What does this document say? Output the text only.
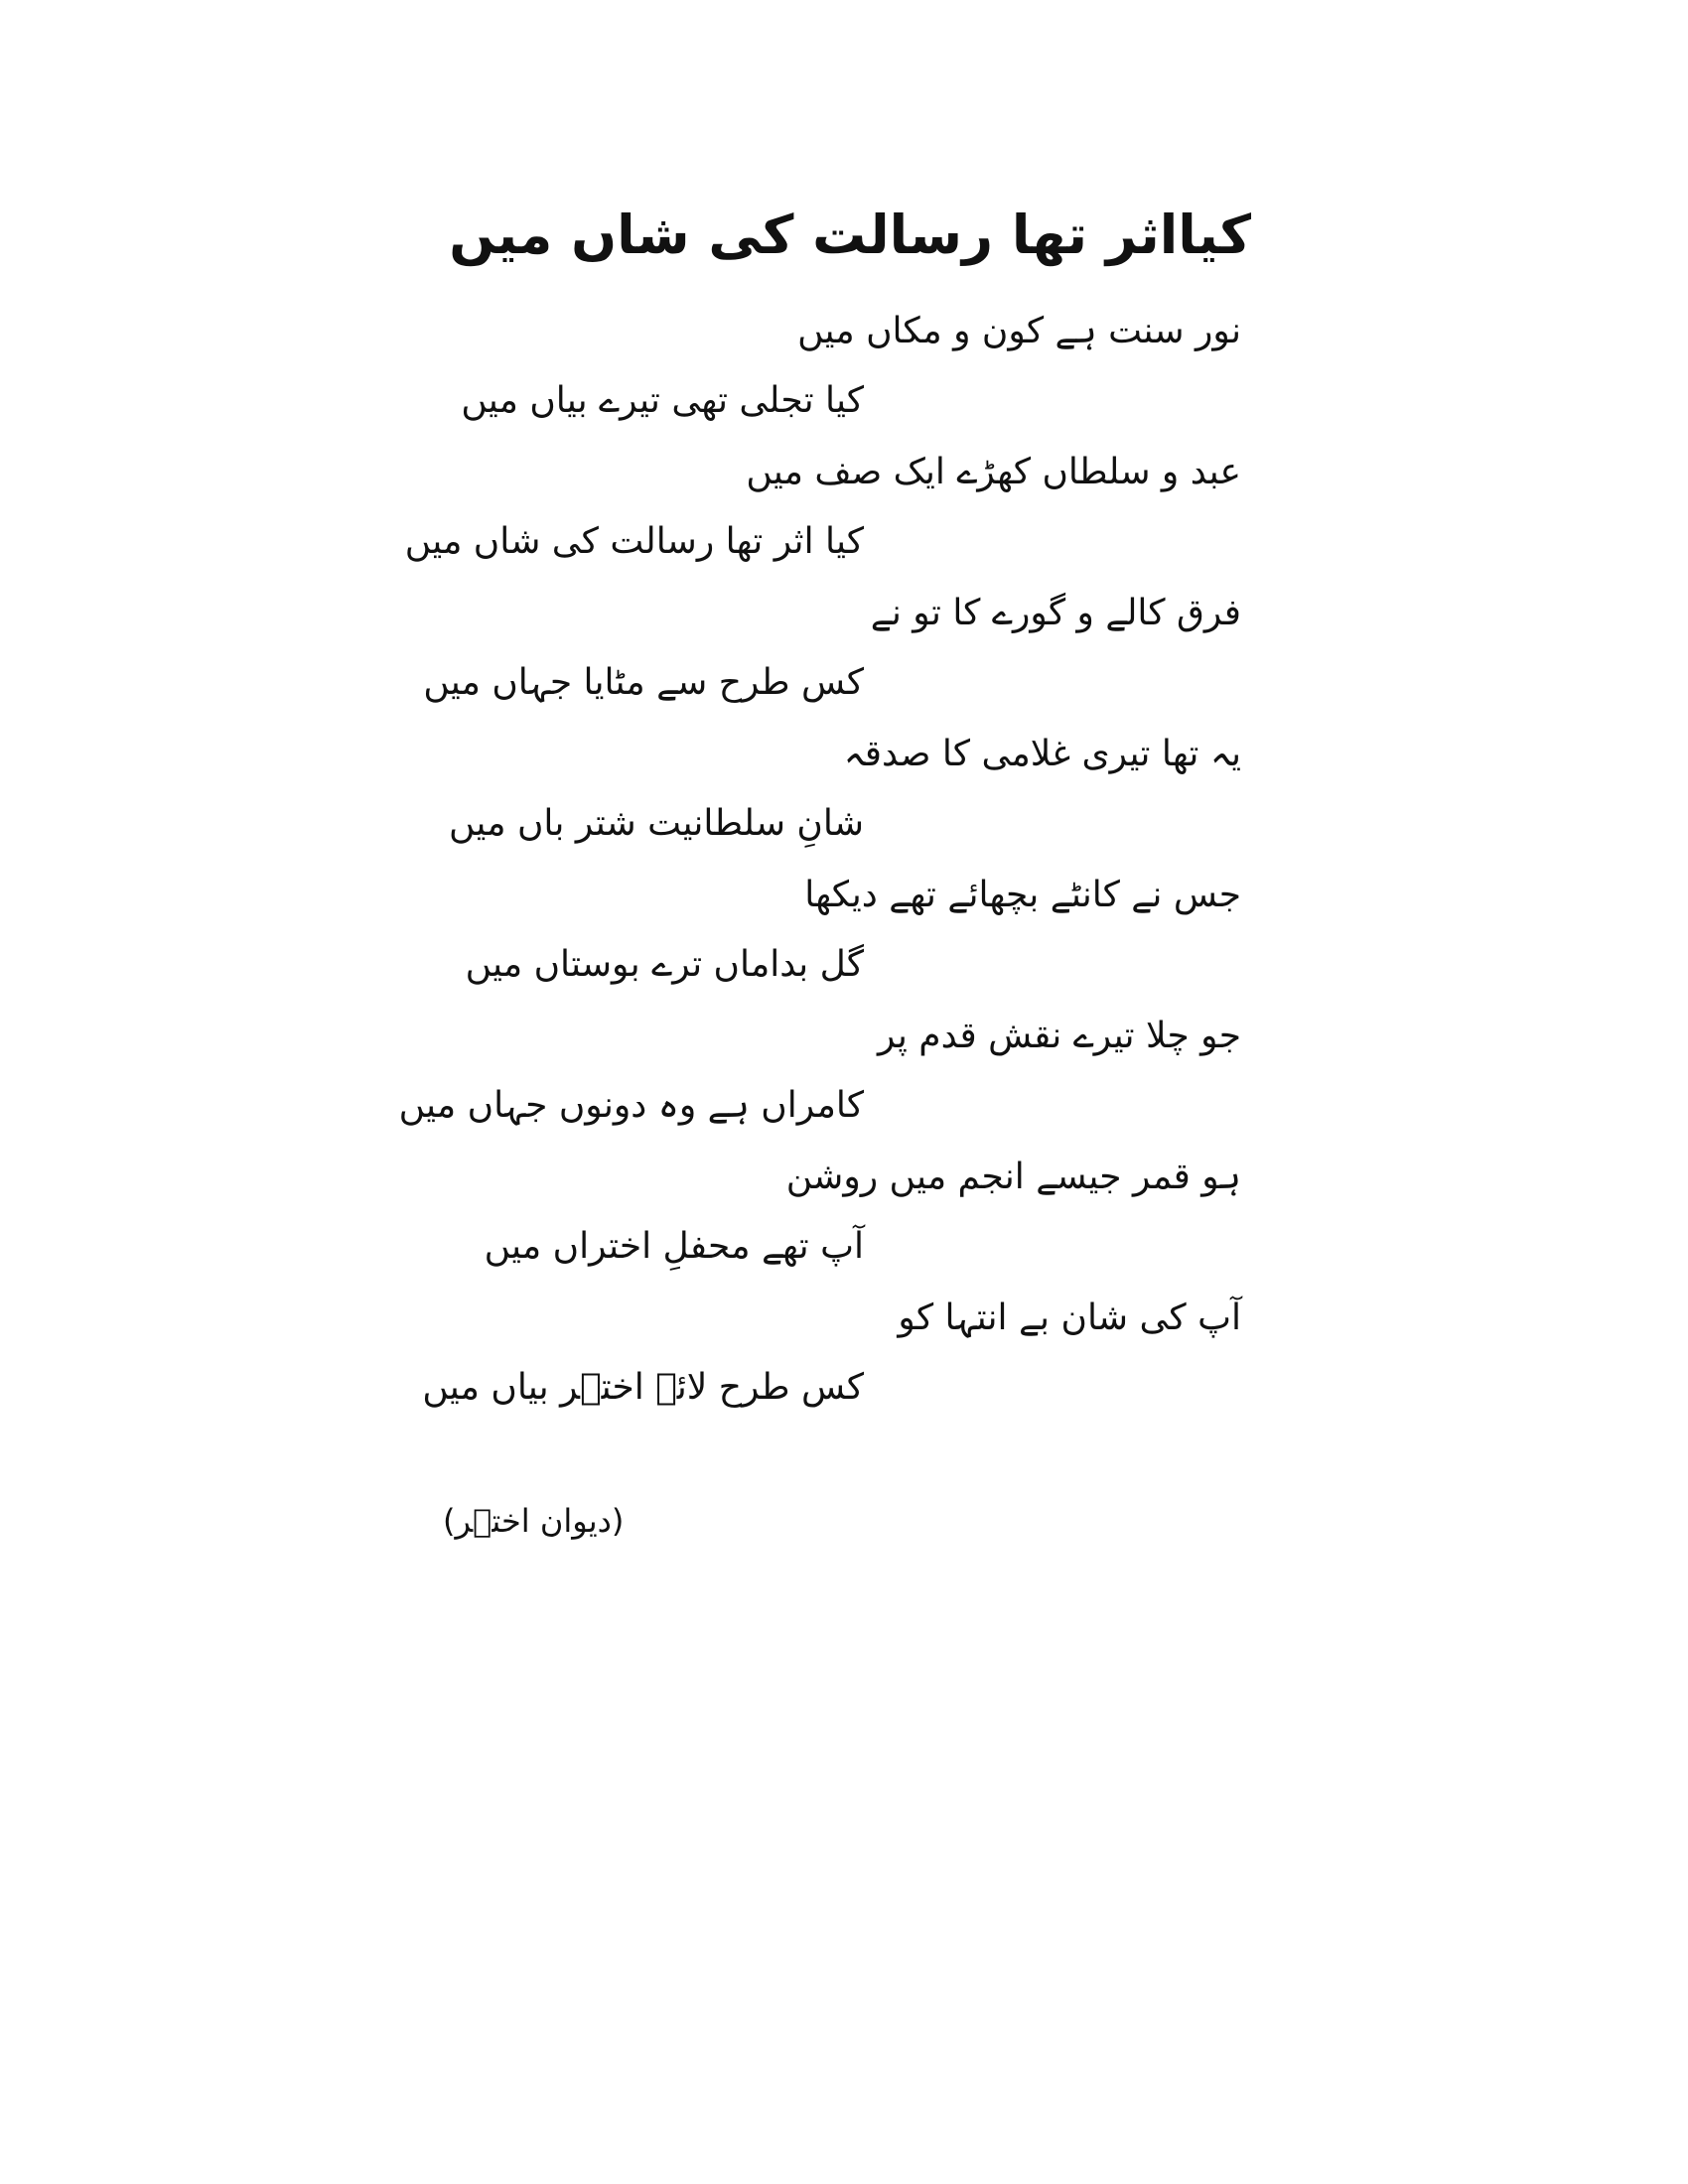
کیااثر تھا رسالت کی شاں میں
نور سنت ہے کون و مکاں میں
کیا تجلی تھی تیرے بیاں میں
عبد و سلطاں کھڑے ایک صف میں
کیا اثر تھا رسالت کی شاں میں
فرق کالے و گورے کا تو نے
کس طرح سے مٹایا جہاں میں
یہ تھا تیری غلامی کا صدقہ
شانِ سلطانیت شتر باں میں
جس نے کانٹے بچھائے تھے دیکھا
گل بداماں ترے بوستاں میں
جو چلا تیرے نقش قدم پر
کامراں ہے وہ دونوں جہاں میں
ہو قمر جیسے انجم میں روشن
آپ تھے محفلِ اختراں میں
آپ کی شان بے انتہا کو
کس طرح لائے اختؔر بیاں میں
(دیوان اختؔر)
